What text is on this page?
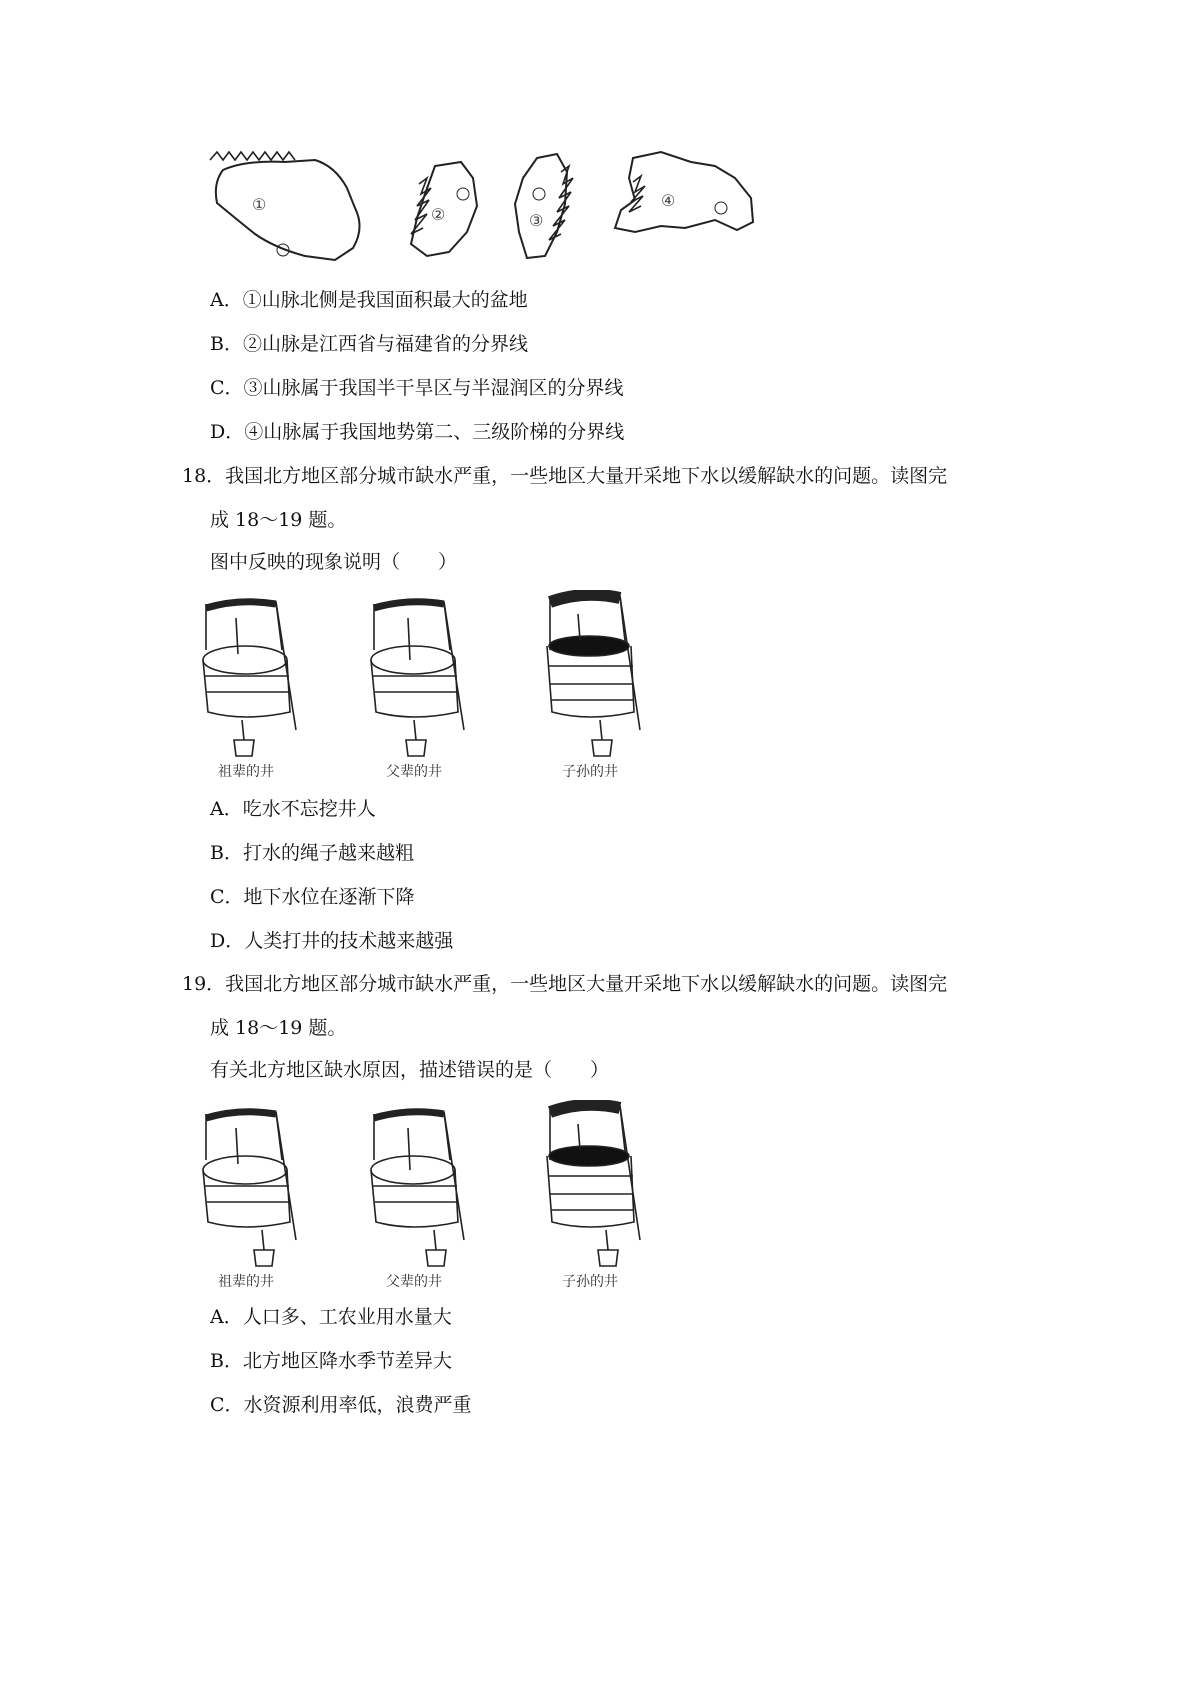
①
②	③
④
A．①山脉北侧是我国面积最大的盆地
B．②山脉是江西省与福建省的分界线
C．③山脉属于我国半干旱区与半湿润区的分界线
D．④山脉属于我国地势第二、三级阶梯的分界线
18．我国北方地区部分城市缺水严重，一些地区大量开采地下水以缓解缺水的问题。读图完
成 18～19 题。
图中反映的现象说明（　　）
祖辈的井	父辈的井	子孙的井
A．吃水不忘挖井人
B．打水的绳子越来越粗
C．地下水位在逐渐下降
D．人类打井的技术越来越强
19．我国北方地区部分城市缺水严重，一些地区大量开采地下水以缓解缺水的问题。读图完
成 18～19 题。
有关北方地区缺水原因，描述错误的是（　　）
祖辈的井	父辈的井	子孙的井
A．人口多、工农业用水量大
B．北方地区降水季节差异大
C．水资源利用率低，浪费严重
